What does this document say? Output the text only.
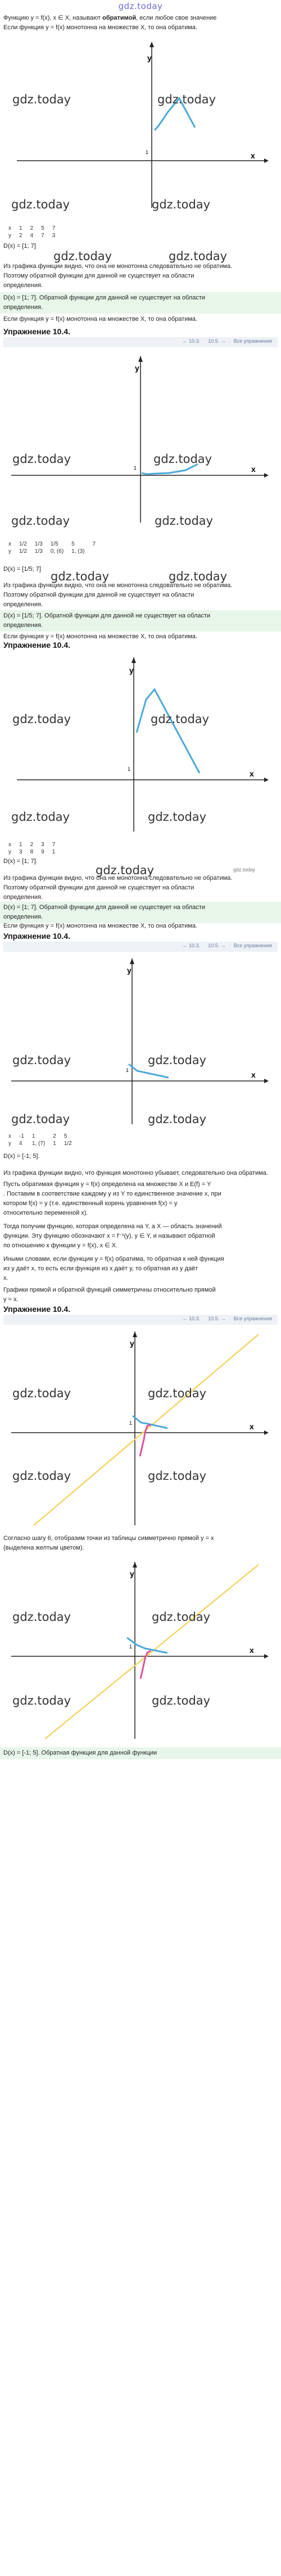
gdz.today
Функцию y = f(x), x ∈ X, называют обратимой, если любое свое значение
Если функция y = f(x) монотонна на множестве X, то она обратима.
y
x
1
gdz.today	gdz.today
gdz.today	gdz.today
x	1	2	5	7
y	2	4	7	3
D(x) = [1; 7]
gdz.today	gdz.today
Из графика функции видно, что она не монотонна следовательно не обратима.
Поэтому обратной функции для данной не существует на области
определения.
D(x) = [1; 7]. Обратной функции для данной не существует на области
определения.
Если функция y = f(x) монотонна на множестве X, то она обратима.
Упражнение 10.4.
← 10.3. 10.5. → Все упражнения
y
x
1
gdz.today	gdz.today
gdz.today	gdz.today
x	1/2	1/3	1/5	5	7
y	1/2	1/3	0, (6)	1, (3)	
D(x) = [1/5; 7]
gdz.today	gdz.today
Из графика функции видно, что она не монотонна следовательно не обратима.
Поэтому обратной функции для данной не существует на области
определения.
D(x) = [1/5; 7]. Обратной функции для данной не существует на области
определения.
Если функция y = f(x) монотонна на множестве X, то она обратима.
Упражнение 10.4.
y
x
1
gdz.today	gdz.today
gdz.today	gdz.today
x	1	2	3	7
y	3	8	9	1
D(x) = [1; 7].
gdz.today	gdz.today
Из графика функции видно, что она не монотонна следовательно не обратима.
Поэтому обратной функции для данной не существует на области
определения.
D(x) = [1; 7]. Обратной функции для данной не существует на области
определения.
Если функция y = f(x) монотонна на множестве X, то она обратима.
Упражнение 10.4.
← 10.3. 10.5. → Все упражнения
y
x
1
gdz.today	gdz.today
gdz.today	gdz.today
x	-1	1	2	5
y	4	1, (7)	1	1/2
D(x) = [-1; 5].
Из графика функции видно, что функция монотонно убывает, следовательно она обратима.
Пусть обратимая функция y = f(x) определена на множестве X и E(f) = Y
. Поставим в соответствие каждому y из Y то единственное значение x, при
котором f(x) = y (т.е. единственный корень уравнения f(x) = y
относительно переменной x).
Тогда получим функцию, которая определена на Y, а X — область значений
функции. Эту функцию обозначают x = f⁻¹(y), y ∈ Y, и называют обратной
по отношению к функции y = f(x), x ∈ X.
Иными словами, если функция y = f(x) обратима, то обратная к ней функция
из y даёт x, то есть если функция из x даёт y, то обратная из y даёт
x.
Графики прямой и обратной функций симметричны относительно прямой
y = x.
Упражнение 10.4.
← 10.3. 10.5. → Все упражнения
y
x
1
gdz.today	gdz.today
gdz.today	gdz.today
Согласно шагу 6, отобразим точки из таблицы симметрично прямой y = x
(выделена желтым цветом).
y
x
1
gdz.today	gdz.today
gdz.today	gdz.today
D(x) = [-1; 5]. Обратная функция для данной функции
